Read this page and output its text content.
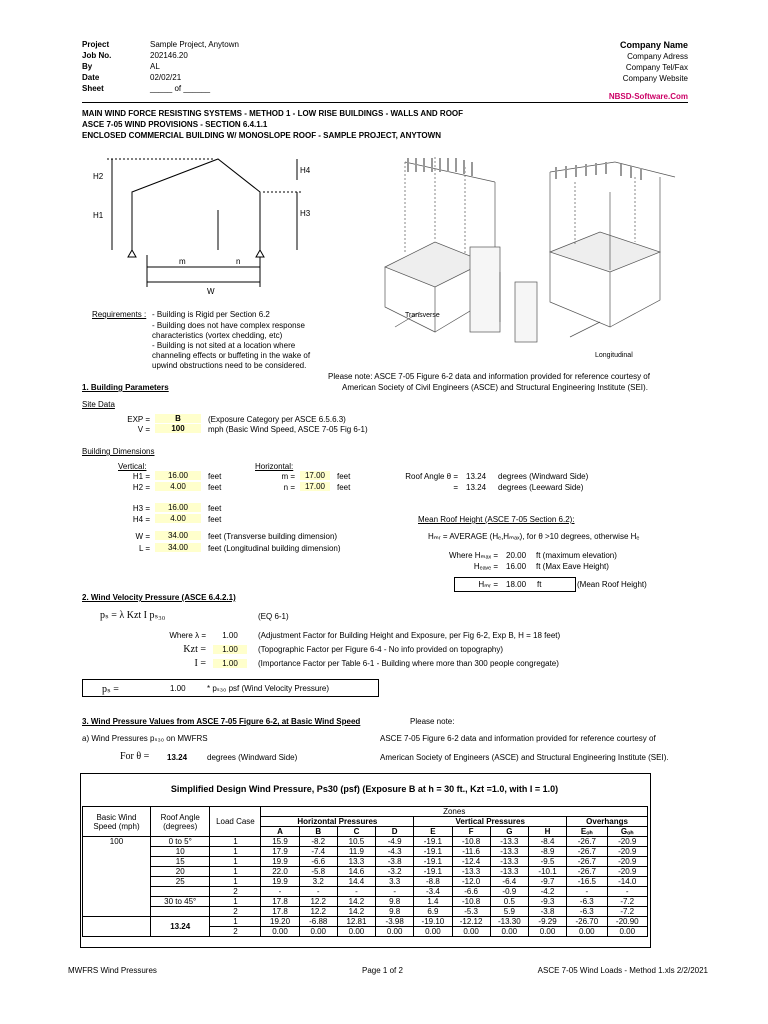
Project	Sample Project, Anytown
Job No.	202146.20
By	AL
Date	02/02/21
Sheet	_____ of ______
Company Name
Company Adress
Company Tel/Fax
Company Website
NBSD-Software.Com
MAIN WIND FORCE RESISTING SYSTEMS - METHOD 1 - LOW RISE BUILDINGS - WALLS AND ROOF
ASCE 7-05 WIND PROVISIONS - SECTION 6.4.1.1
ENCLOSED COMMERCIAL BUILDING W/ MONOSLOPE ROOF - SAMPLE PROJECT, ANYTOWN
H2
H1
H4
H3
m	n
W
Transverse
Longitudinal
Requirements : - Building is Rigid per Section 6.2
- Building does not have complex response
characteristics (vortex chedding, etc)
- Building is not sited at a location where
channeling effects or buffeting in the wake of
upwind obstructions need to be considered.
Please note: ASCE 7-05 Figure 6-2 data and information provided for reference courtesy of
American Society of Civil Engineers (ASCE) and Structural Engineering Institute (SEI).
1. Building Parameters
Site Data
EXP =	B	(Exposure Category per ASCE 6.5.6.3)
V =	100	mph (Basic Wind Speed, ASCE 7-05 Fig 6-1)
Building Dimensions
Vertical:	Horizontal:
H1 =	16.00	feet
H2 =	4.00	feet
m =	17.00	feet
n =	17.00	feet
Roof Angle θ = 13.24 degrees (Windward Side)
= 13.24 degrees (Leeward Side)
H3 =	16.00	feet
H4 =	4.00	feet
W =	34.00	feet (Transverse building dimension)
L =	34.00	feet (Longitudinal building dimension)
Mean Roof Height (ASCE 7-05 Section 6.2):
Hₘᵣ = AVERAGE (Hₑ,Hₘₐₓ), for θ >10 degrees, otherwise Hₑ
Where Hₘₐₓ = 20.00 ft (maximum elevation)
Hₑₐᵥₑ = 16.00 ft (Max Eave Height)
Hₘᵣ = 18.00 ft	(Mean Roof Height)
2. Wind Velocity Pressure (ASCE 6.4.2.1)
pₛ = λ Kzt I pₛ₃₀	(EQ 6-1)
Where λ =	1.00	(Adjustment Factor for Building Height and Exposure, per Fig 6-2, Exp B, H = 18 feet)
Kzt =	1.00	(Topographic Factor per Figure 6-4 - No info provided on topography)
I =	1.00	(Importance Factor per Table 6-1 - Building where more than 300 people congregate)
pₛ =	1.00	* pₛ₃₀ psf (Wind Velocity Pressure)
3. Wind Pressure Values from ASCE 7-05 Figure 6-2, at Basic Wind Speed	Please note:
a) Wind Pressures pₛ₃₀ on MWFRS	ASCE 7-05 Figure 6-2 data and information provided for reference courtesy of
For θ = 13.24 degrees (Windward Side)	American Society of Engineers (ASCE) and Structural Engineering Institute (SEI).
Simplified Design Wind Pressure, Ps30 (psf) (Exposure B at h = 30 ft., Kzt =1.0, with I = 1.0)
Basic Wind Speed (mph)	Roof Angle (degrees)	Load Case	Zones									
			Horizontal Pressures				Vertical Pressures				Overhangs	
			A	B	C	D	E	F	G	H	Eₒₕ	Gₒₕ
100	0 to 5°	1	15.9	-8.2	10.5	-4.9	-19.1	-10.8	-13.3	-8.4	-26.7	-20.9
	10	1	17.9	-7.4	11.9	-4.3	-19.1	-11.6	-13.3	-8.9	-26.7	-20.9
	15	1	19.9	-6.6	13.3	-3.8	-19.1	-12.4	-13.3	-9.5	-26.7	-20.9
	20	1	22.0	-5.8	14.6	-3.2	-19.1	-13.3	-13.3	-10.1	-26.7	-20.9
	25	1	19.9	3.2	14.4	3.3	-8.8	-12.0	-6.4	-9.7	-16.5	-14.0
		2	-	-	-	-	-3.4	-6.6	-0.9	-4.2	-	-
	30 to 45°	1	17.8	12.2	14.2	9.8	1.4	-10.8	0.5	-9.3	-6.3	-7.2
		2	17.8	12.2	14.2	9.8	6.9	-5.3	5.9	-3.8	-6.3	-7.2
	13.24	1	19.20	-6.88	12.81	-3.98	-19.10	-12.12	-13.30	-9.29	-26.70	-20.90
		2	0.00	0.00	0.00	0.00	0.00	0.00	0.00	0.00	0.00	0.00
MWFRS Wind Pressures	Page 1 of 2	ASCE 7-05 Wind Loads - Method 1.xls 2/2/2021
